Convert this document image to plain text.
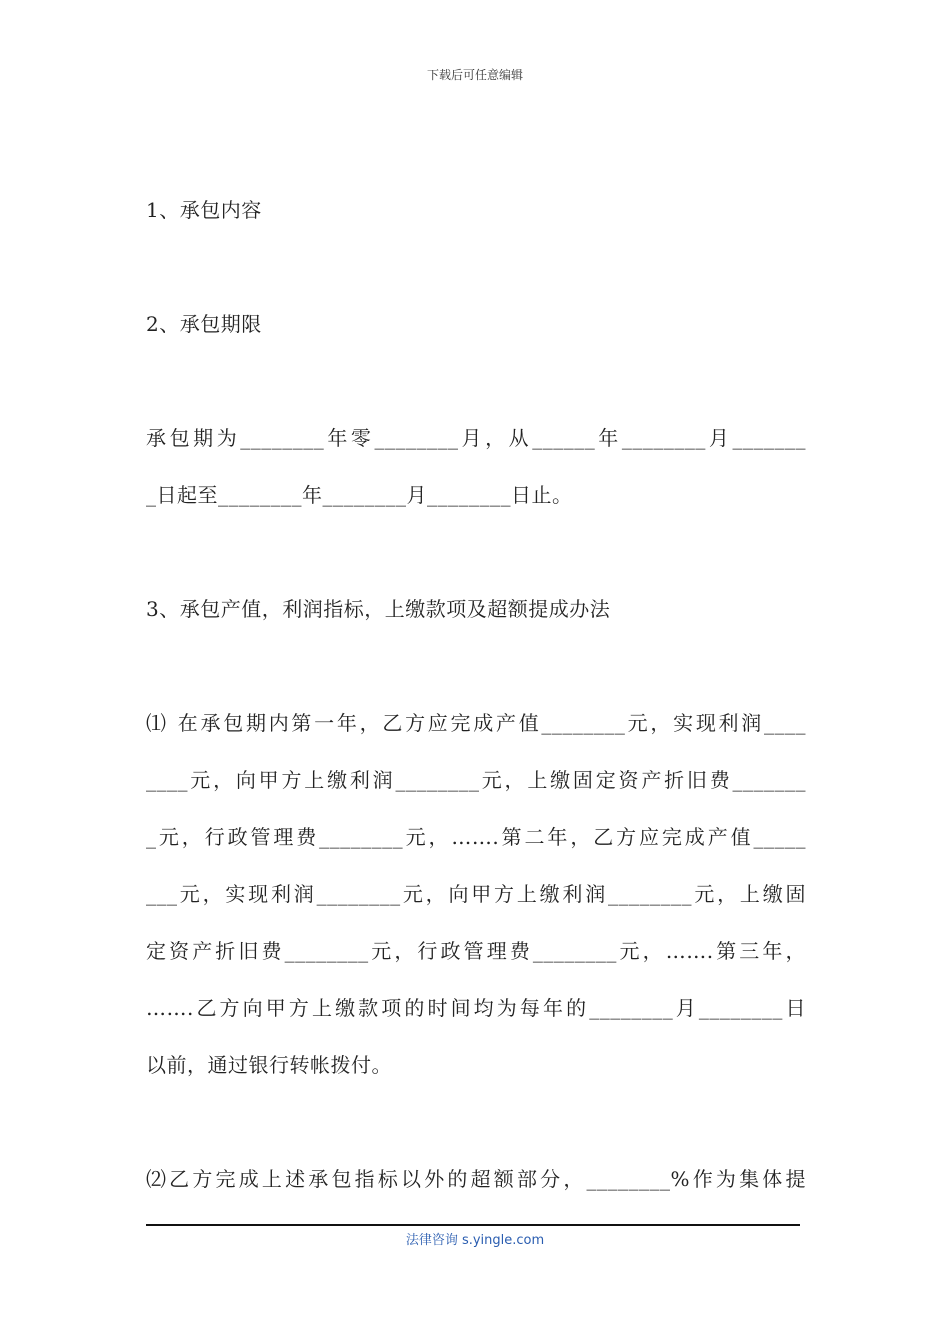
下载后可任意编辑
1、承包内容
2、承包期限
承包期为________年零________月，从______年________月_______
_日起至________年________月________日止。
3、承包产值，利润指标，上缴款项及超额提成办法
⑴ 在承包期内第一年，乙方应完成产值________元，实现利润____
____元，向甲方上缴利润________元，上缴固定资产折旧费_______
_元，行政管理费________元，…….第二年，乙方应完成产值_____
___元，实现利润________元，向甲方上缴利润________元，上缴固
定资产折旧费________元，行政管理费________元，…….第三年，
…….乙方向甲方上缴款项的时间均为每年的________月________日
以前，通过银行转帐拨付。
⑵乙方完成上述承包指标以外的超额部分，________%作为集体提
法律咨询 s.yingle.com
